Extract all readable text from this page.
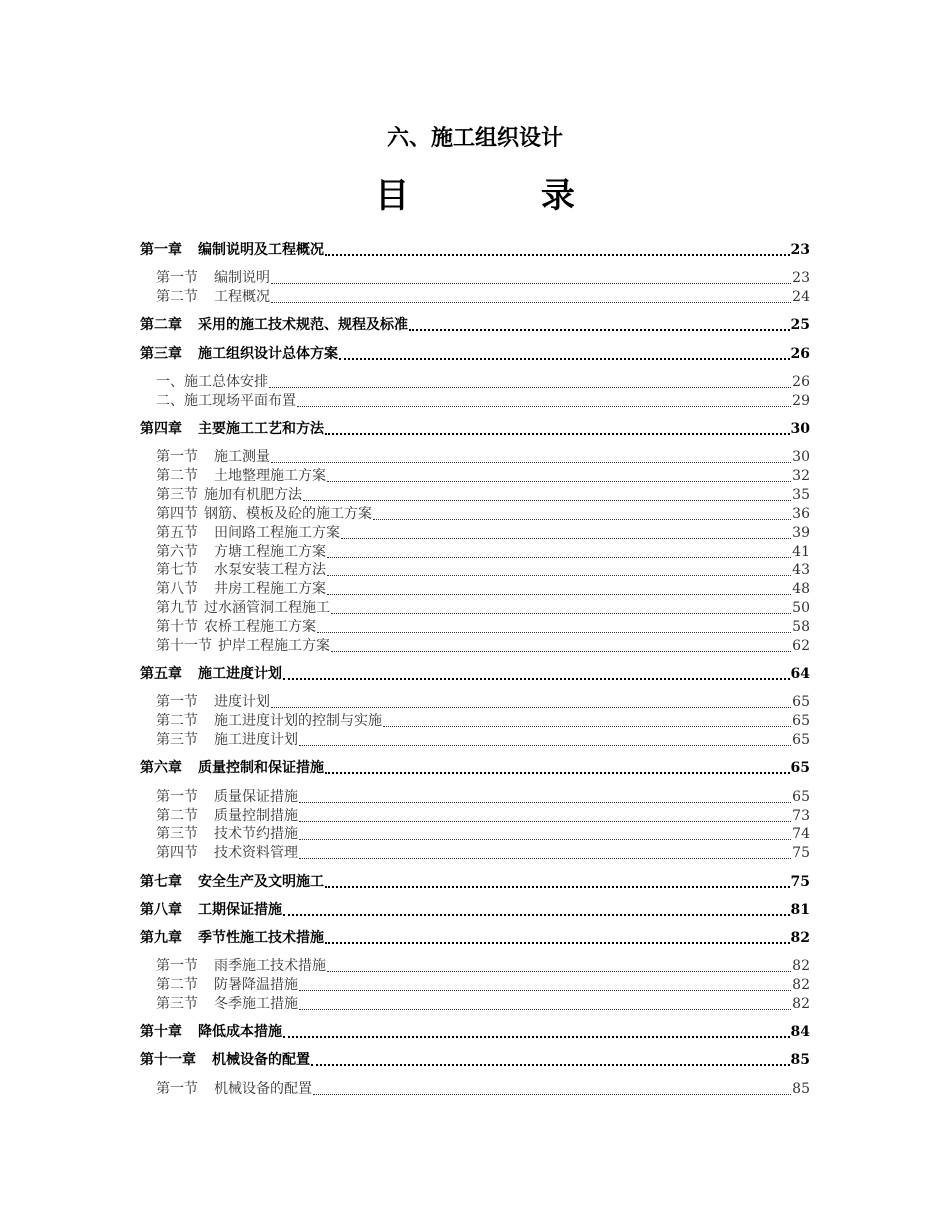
六、施工组织设计
目 录
第一章 编制说明及工程概况	23
第一节 编制说明	23
第二节 工程概况	24
第二章 采用的施工技术规范、规程及标准	25
第三章 施工组织设计总体方案	26
一、施工总体安排	26
二、施工现场平面布置	29
第四章 主要施工工艺和方法	30
第一节 施工测量	30
第二节 土地整理施工方案	32
第三节 施加有机肥方法	35
第四节 钢筋、模板及砼的施工方案	36
第五节 田间路工程施工方案	39
第六节 方塘工程施工方案	41
第七节 水泵安装工程方法	43
第八节 井房工程施工方案	48
第九节 过水涵管洞工程施工	50
第十节 农桥工程施工方案	58
第十一节 护岸工程施工方案	62
第五章 施工进度计划	64
第一节 进度计划	65
第二节 施工进度计划的控制与实施	65
第三节 施工进度计划	65
第六章 质量控制和保证措施	65
第一节 质量保证措施	65
第二节 质量控制措施	73
第三节 技术节约措施	74
第四节 技术资料管理	75
第七章 安全生产及文明施工	75
第八章 工期保证措施	81
第九章 季节性施工技术措施	82
第一节 雨季施工技术措施	82
第二节 防暑降温措施	82
第三节 冬季施工措施	82
第十章 降低成本措施	84
第十一章 机械设备的配置	85
第一节 机械设备的配置	85
